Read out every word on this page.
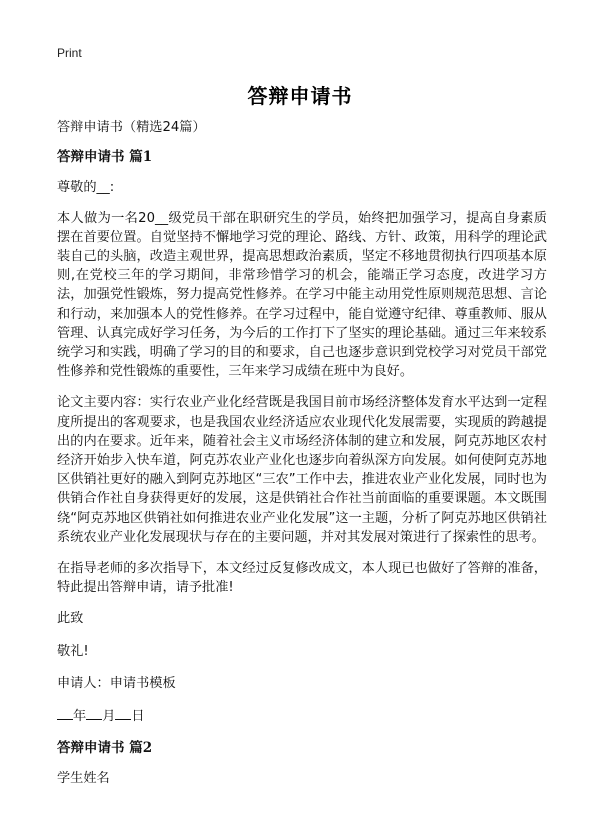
Print
答辩申请书

答辩申请书（精选24篇）

答辩申请书 篇1

尊敬的__:

本人做为一名20__级党员干部在职研究生的学员，始终把加强学习，提高自身素质摆在首要位置。自觉坚持不懈地学习党的理论、路线、方针、政策，用科学的理论武装自己的头脑，改造主观世界，提高思想政治素质，坚定不移地贯彻执行四项基本原则,在党校三年的学习期间，非常珍惜学习的机会，能端正学习态度，改进学习方法，加强党性锻炼，努力提高党性修养。在学习中能主动用党性原则规范思想、言论和行动，来加强本人的党性修养。在学习过程中，能自觉遵守纪律、尊重教师、服从管理、认真完成好学习任务，为今后的工作打下了坚实的理论基础。通过三年来较系统学习和实践，明确了学习的目的和要求，自己也逐步意识到党校学习对党员干部党性修养和党性锻炼的重要性，三年来学习成绩在班中为良好。

论文主要内容：实行农业产业化经营既是我国目前市场经济整体发育水平达到一定程度所提出的客观要求，也是我国农业经济适应农业现代化发展需要，实现质的跨越提出的内在要求。近年来，随着社会主义市场经济体制的建立和发展，阿克苏地区农村经济开始步入快车道，阿克苏农业产业化也逐步向着纵深方向发展。如何使阿克苏地区供销社更好的融入到阿克苏地区“三农”工作中去，推进农业产业化发展，同时也为供销合作社自身获得更好的发展，这是供销社合作社当前面临的重要课题。本文既围绕“阿克苏地区供销社如何推进农业产业化发展”这一主题，分析了阿克苏地区供销社系统农业产业化发展现状与存在的主要问题，并对其发展对策进行了探索性的思考。

在指导老师的多次指导下，本文经过反复修改成文，本人现已也做好了答辩的准备，特此提出答辩申请，请予批准!

此致

敬礼!

申请人：申请书模板

年 月 日

答辩申请书 篇2

学生姓名
